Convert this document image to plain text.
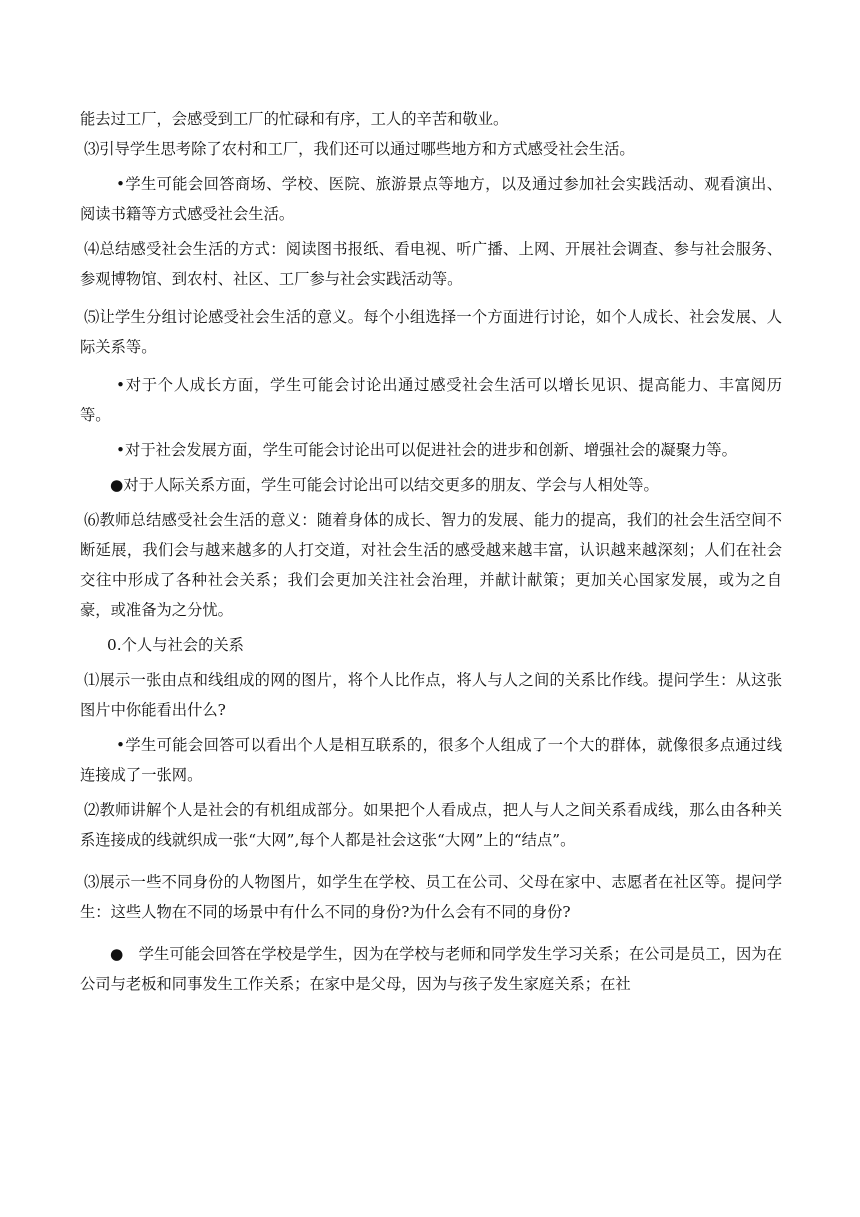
能去过工厂，会感受到工厂的忙碌和有序，工人的辛苦和敬业。

⑶引导学生思考除了农村和工厂，我们还可以通过哪些地方和方式感受社会生活。

•学生可能会回答商场、学校、医院、旅游景点等地方，以及通过参加社会实践活动、观看演出、阅读书籍等方式感受社会生活。

⑷总结感受社会生活的方式：阅读图书报纸、看电视、听广播、上网、开展社会调查、参与社会服务、参观博物馆、到农村、社区、工厂参与社会实践活动等。

⑸让学生分组讨论感受社会生活的意义。每个小组选择一个方面进行讨论，如个人成长、社会发展、人际关系等。

•对于个人成长方面，学生可能会讨论出通过感受社会生活可以增长见识、提高能力、丰富阅历等。

•对于社会发展方面，学生可能会讨论出可以促进社会的进步和创新、增强社会的凝聚力等。

●对于人际关系方面，学生可能会讨论出可以结交更多的朋友、学会与人相处等。

⑹教师总结感受社会生活的意义：随着身体的成长、智力的发展、能力的提高，我们的社会生活空间不断延展，我们会与越来越多的人打交道，对社会生活的感受越来越丰富，认识越来越深刻；人们在社会交往中形成了各种社会关系；我们会更加关注社会治理，并献计献策；更加关心国家发展，或为之自豪，或准备为之分忧。

0.个人与社会的关系

⑴展示一张由点和线组成的网的图片，将个人比作点，将人与人之间的关系比作线。提问学生：从这张图片中你能看出什么?

•学生可能会回答可以看出个人是相互联系的，很多个人组成了一个大的群体，就像很多点通过线连接成了一张网。

⑵教师讲解个人是社会的有机组成部分。如果把个人看成点，把人与人之间关系看成线，那么由各种关系连接成的线就织成一张“大网”,每个人都是社会这张“大网”上的“结点”。

⑶展示一些不同身份的人物图片，如学生在学校、员工在公司、父母在家中、志愿者在社区等。提问学生：这些人物在不同的场景中有什么不同的身份?为什么会有不同的身份?

●　学生可能会回答在学校是学生，因为在学校与老师和同学发生学习关系；在公司是员工，因为在公司与老板和同事发生工作关系；在家中是父母，因为与孩子发生家庭关系；在社
